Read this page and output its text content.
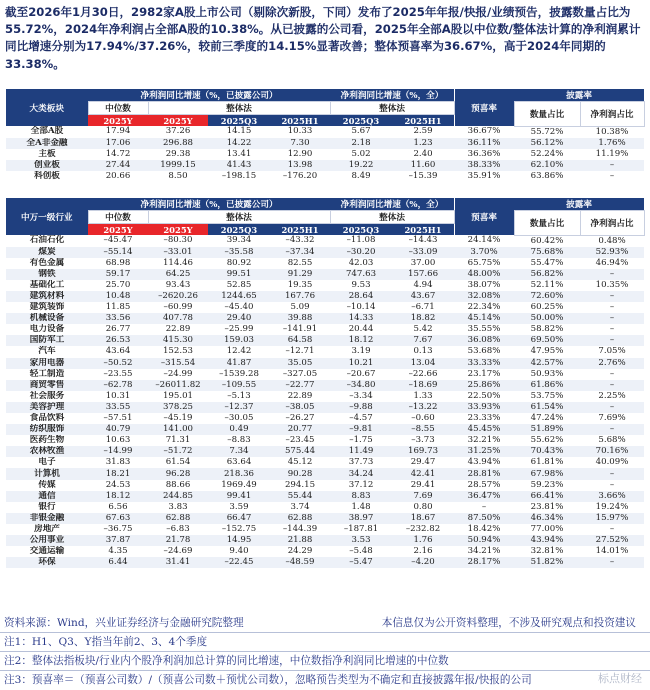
截至2026年1月30日，2982家A股上市公司（剔除次新股，下同）发布了2025年年报/快报/业绩预告，披露数量占比为55.72%，2024年净利润占全部A股的10.38%。从已披露的公司看，2025年全部A股以中位数/整体法计算的净利润累计同比增速分别为17.94%/37.26%，较前三季度的14.15%显著改善；整体预喜率为36.67%，高于2024年同期的33.38%。
大类板块	净利润同比增速（%，已披露公司）				净利润同比增速（%，全）		预喜率	披露率	
	中位数	整体法			整体法			数量占比	净利润占比
	2025Y	2025Y	2025Q3	2025H1	2025Q3	2025H1			
全部A股	17.94	37.26	14.15	10.33	5.67	2.59	36.67%	55.72%	10.38%
全A非金融	17.06	296.88	14.22	7.30	2.18	1.23	36.11%	56.12%	1.76%
主板	14.72	29.38	13.41	12.90	5.02	2.40	36.36%	52.24%	11.19%
创业板	27.44	1999.15	41.43	13.98	19.22	11.60	38.33%	62.10%	–
科创板	20.66	8.50	–198.15	–176.20	8.49	–15.39	35.91%	63.86%	–
中万一级行业	净利润同比增速（%，已披露公司）				净利润同比增速（%，全）		预喜率	披露率	
	中位数	整体法			整体法			数量占比	净利润占比
	2025Y	2025Y	2025Q3	2025H1	2025Q3	2025H1			
石油石化	–45.47	–80.30	39.34	–43.32	–11.08	–14.43	24.14%	60.42%	0.48%
煤炭	–55.14	–33.01	–35.58	–37.34	–30.20	–33.09	3.70%	75.68%	52.93%
有色金属	68.98	114.46	80.92	82.55	42.03	37.00	65.75%	55.47%	46.94%
钢铁	59.17	64.25	99.51	91.29	747.63	157.66	48.00%	56.82%	–
基础化工	25.70	93.43	52.85	19.35	9.53	4.94	38.07%	52.11%	10.35%
建筑材料	10.48	–2620.26	1244.65	167.76	28.64	43.67	32.08%	72.60%	–
建筑装饰	11.85	–60.99	–45.40	5.09	–10.14	–6.71	22.34%	60.25%	–
机械设备	33.56	407.78	29.40	39.88	14.33	18.82	45.14%	50.00%	–
电力设备	26.77	22.89	–25.99	–141.91	20.44	5.42	35.55%	58.82%	–
国防军工	26.53	415.30	159.03	64.58	18.12	7.67	36.08%	69.50%	–
汽车	43.64	152.53	12.42	–12.71	3.19	0.13	53.68%	47.95%	7.05%
家用电器	–50.52	–315.54	41.87	35.05	10.21	13.04	33.33%	42.57%	2.76%
轻工制造	–23.55	–24.99	–1539.28	–327.05	–20.67	–22.66	23.17%	50.93%	–
商贸零售	–62.78	–26011.82	–109.55	–22.77	–34.80	–18.69	25.86%	61.86%	–
社会服务	10.31	195.01	–5.13	22.89	–3.34	1.33	22.50%	53.75%	2.25%
美容护理	33.55	378.25	–12.37	–38.05	–9.88	–13.22	33.93%	61.54%	–
食品饮料	–57.51	–45.19	–30.05	–26.27	–4.57	–0.60	23.33%	47.24%	7.69%
纺织服饰	40.79	141.00	0.49	20.77	–9.81	–8.55	45.45%	51.89%	–
医药生物	10.63	71.31	–8.83	–23.45	–1.75	–3.73	32.21%	55.62%	5.68%
农林牧渔	–14.99	–51.72	7.34	575.44	11.49	169.73	31.25%	70.43%	70.16%
电子	31.83	61.54	63.64	45.12	37.73	29.47	43.94%	61.81%	40.09%
计算机	18.21	96.28	218.36	90.28	34.24	42.41	28.81%	67.98%	–
传媒	24.53	88.66	1969.49	294.15	37.12	29.41	28.57%	59.23%	–
通信	18.12	244.85	99.41	55.44	8.83	7.69	36.47%	66.41%	3.66%
银行	6.56	3.83	3.59	3.74	1.48	0.80	–	23.81%	19.24%
非银金融	67.63	62.88	66.47	62.88	38.97	18.67	87.50%	46.34%	15.97%
房地产	–36.75	–6.83	–152.75	–144.39	–187.81	–232.82	18.42%	77.00%	–
公用事业	37.87	21.78	14.95	21.88	3.53	1.76	50.94%	43.94%	27.52%
交通运输	4.35	–24.69	9.40	24.29	–5.48	2.16	34.21%	32.81%	14.01%
环保	6.44	31.41	–22.45	–48.59	–5.47	–4.20	28.17%	51.82%	–
资料来源：Wind，兴业证券经济与金融研究院整理	本信息仅为公开资料整理，不涉及研究观点和投资建议
注1：H1、Q3、Y指当年前2、3、4个季度
注2：整体法指板块/行业内个股净利润加总计算的同比增速，中位数指净利润同比增速的中位数
注3：预喜率＝（预喜公司数）/（预喜公司数＋预忧公司数），忽略预告类型为不确定和直接披露年报/快报的公司	标点财经
